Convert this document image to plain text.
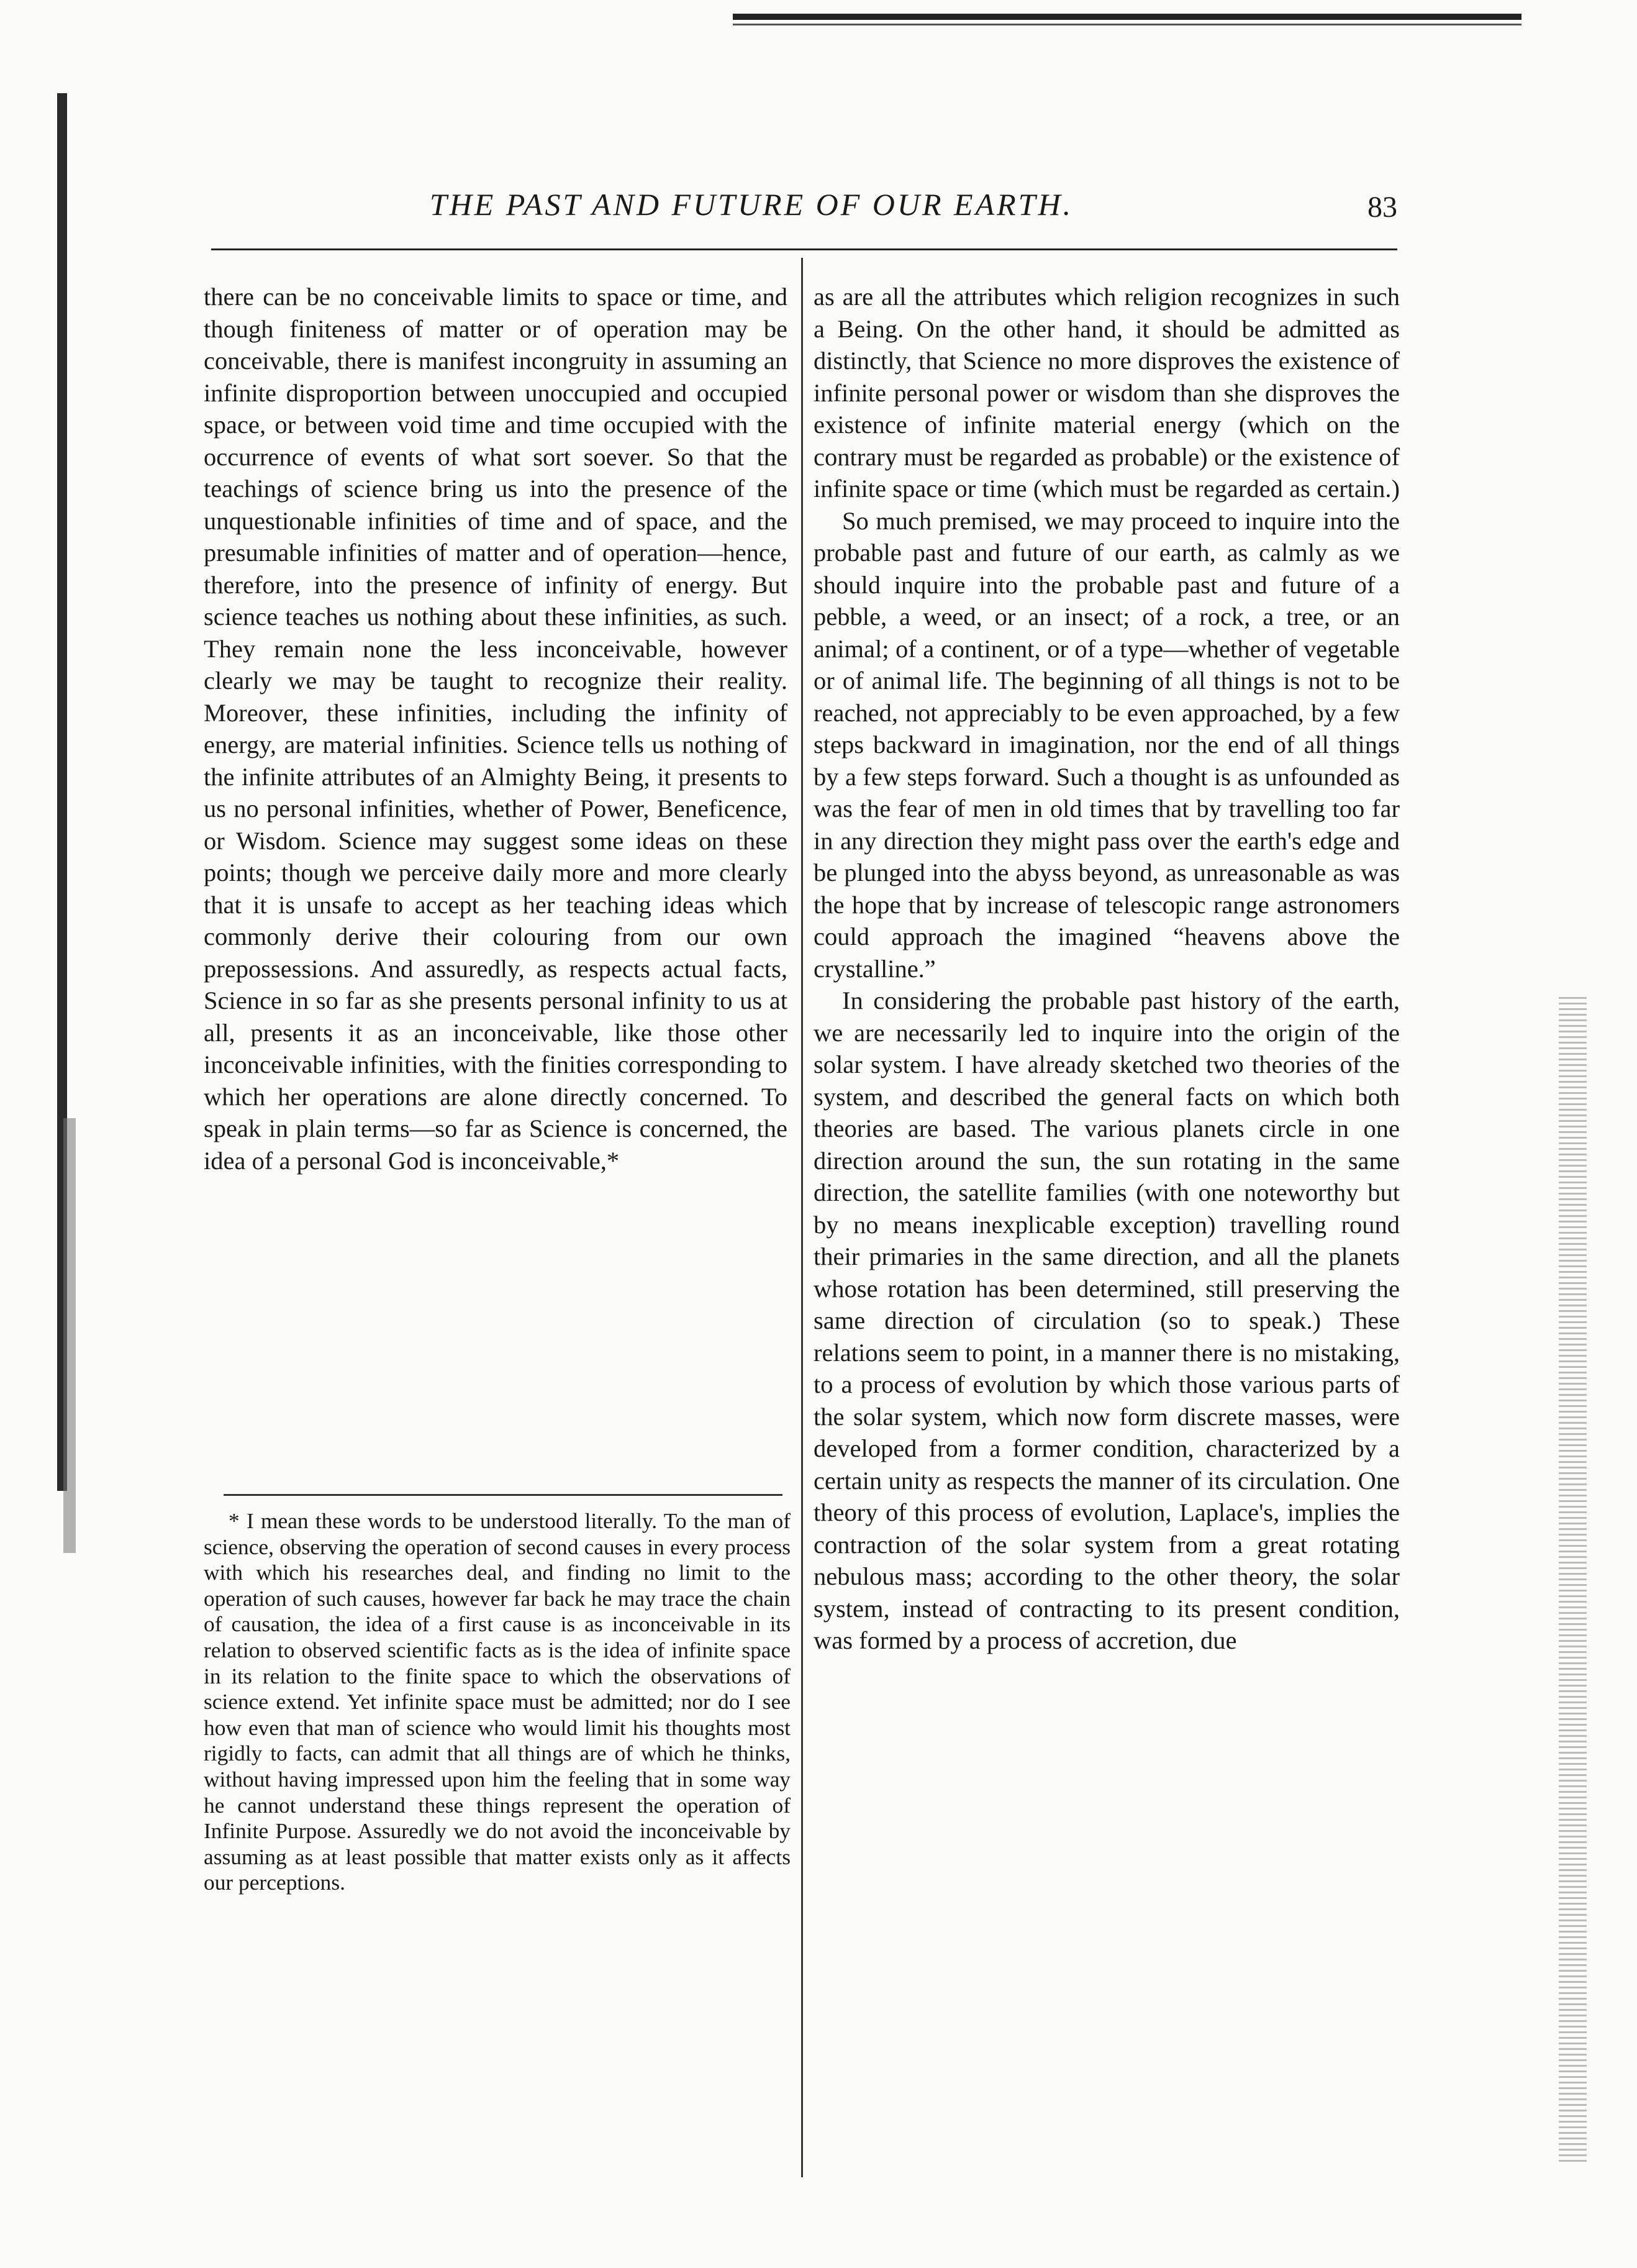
THE PAST AND FUTURE OF OUR EARTH.	83

there can be no conceivable limits to space or time, and though finiteness of matter or of operation may be conceivable, there is manifest incongruity in assuming an infinite disproportion between unoccupied and occupied space, or between void time and time occupied with the occurrence of events of what sort soever. So that the teachings of science bring us into the presence of the unquestionable infinities of time and of space, and the presumable infinities of matter and of operation—hence, therefore, into the presence of infinity of energy. But science teaches us nothing about these infinities, as such. They remain none the less inconceivable, however clearly we may be taught to recognize their reality. Moreover, these infinities, including the infinity of energy, are material infinities. Science tells us nothing of the infinite attributes of an Almighty Being, it presents to us no personal infinities, whether of Power, Beneficence, or Wisdom. Science may suggest some ideas on these points; though we perceive daily more and more clearly that it is unsafe to accept as her teaching ideas which commonly derive their colouring from our own prepossessions. And assuredly, as respects actual facts, Science in so far as she presents personal infinity to us at all, presents it as an inconceivable, like those other inconceivable infinities, with the finities corresponding to which her operations are alone directly concerned. To speak in plain terms—so far as Science is concerned, the idea of a personal God is inconceivable,*

* I mean these words to be understood literally. To the man of science, observing the operation of second causes in every process with which his researches deal, and finding no limit to the operation of such causes, however far back he may trace the chain of causation, the idea of a first cause is as inconceivable in its relation to observed scientific facts as is the idea of infinite space in its relation to the finite space to which the observations of science extend. Yet infinite space must be admitted; nor do I see how even that man of science who would limit his thoughts most rigidly to facts, can admit that all things are of which he thinks, without having impressed upon him the feeling that in some way he cannot understand these things represent the operation of Infinite Purpose. Assuredly we do not avoid the inconceivable by assuming as at least possible that matter exists only as it affects our perceptions.

as are all the attributes which religion recognizes in such a Being. On the other hand, it should be admitted as distinctly, that Science no more disproves the existence of infinite personal power or wisdom than she disproves the existence of infinite material energy (which on the contrary must be regarded as probable) or the existence of infinite space or time (which must be regarded as certain.)

So much premised, we may proceed to inquire into the probable past and future of our earth, as calmly as we should inquire into the probable past and future of a pebble, a weed, or an insect; of a rock, a tree, or an animal; of a continent, or of a type—whether of vegetable or of animal life. The beginning of all things is not to be reached, not appreciably to be even approached, by a few steps backward in imagination, nor the end of all things by a few steps forward. Such a thought is as unfounded as was the fear of men in old times that by travelling too far in any direction they might pass over the earth's edge and be plunged into the abyss beyond, as unreasonable as was the hope that by increase of telescopic range astronomers could approach the imagined “heavens above the crystalline.”

In considering the probable past history of the earth, we are necessarily led to inquire into the origin of the solar system. I have already sketched two theories of the system, and described the general facts on which both theories are based. The various planets circle in one direction around the sun, the sun rotating in the same direction, the satellite families (with one noteworthy but by no means inexplicable exception) travelling round their primaries in the same direction, and all the planets whose rotation has been determined, still preserving the same direction of circulation (so to speak.) These relations seem to point, in a manner there is no mistaking, to a process of evolution by which those various parts of the solar system, which now form discrete masses, were developed from a former condition, characterized by a certain unity as respects the manner of its circulation. One theory of this process of evolution, Laplace's, implies the contraction of the solar system from a great rotating nebulous mass; according to the other theory, the solar system, instead of contracting to its present condition, was formed by a process of accretion, due
